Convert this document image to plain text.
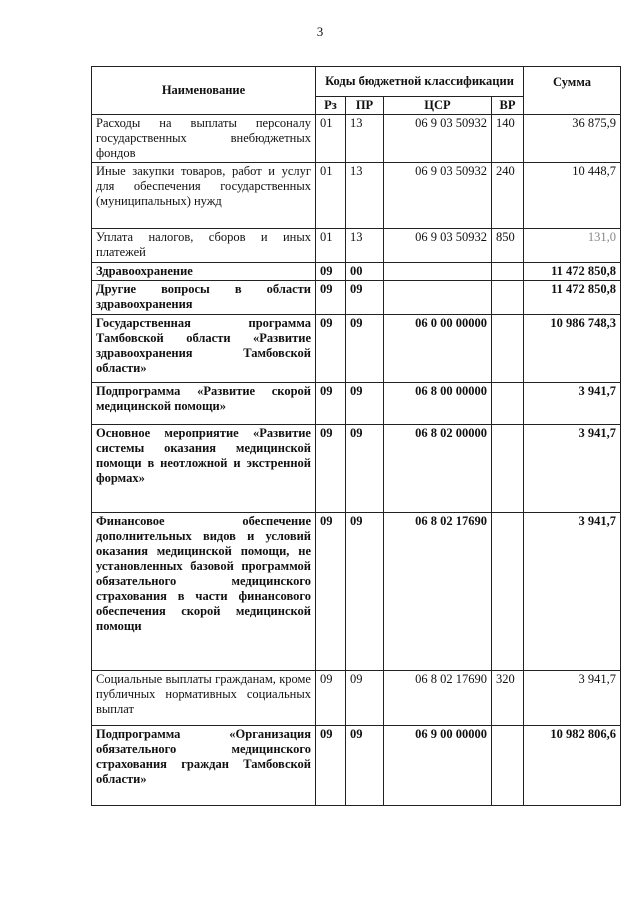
3
Наименование	Коды бюджетной классификации				Сумма
	Рз	ПР	ЦСР	ВР	
Расходы на выплаты персоналу государственных внебюджетных фондов	01	13	06 9 03 50932	140	36 875,9
Иные закупки товаров, работ и услуг для обеспечения государственных (муниципальных) нужд	01	13	06 9 03 50932	240	10 448,7
Уплата налогов, сборов и иных платежей	01	13	06 9 03 50932	850	131,0
Здравоохранение	09	00			11 472 850,8
Другие вопросы в области здравоохранения	09	09			11 472 850,8
Государственная программа Тамбовской области «Развитие здравоохранения Тамбовской области»	09	09	06 0 00 00000		10 986 748,3
Подпрограмма «Развитие скорой медицинской помощи»	09	09	06 8 00 00000		3 941,7
Основное мероприятие «Развитие системы оказания медицинской помощи в неотложной и экстренной формах»	09	09	06 8 02 00000		3 941,7
Финансовое обеспечение дополнительных видов и условий оказания медицинской помощи, не установленных базовой программой обязательного медицинского страхования в части финансового обеспечения скорой медицинской помощи	09	09	06 8 02 17690		3 941,7
Социальные выплаты гражданам, кроме публичных нормативных социальных выплат	09	09	06 8 02 17690	320	3 941,7
Подпрограмма «Организация обязательного медицинского страхования граждан Тамбовской области»	09	09	06 9 00 00000		10 982 806,6
